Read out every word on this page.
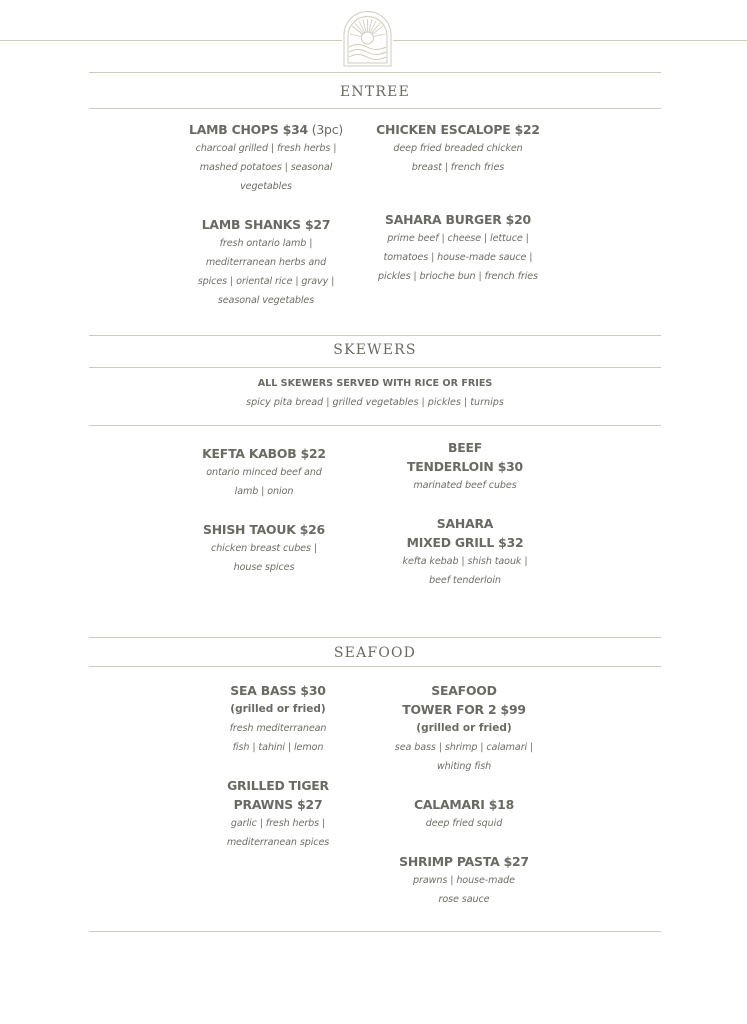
ENTREE
LAMB CHOPS $34 (3pc)
charcoal grilled | fresh herbs |
mashed potatoes | seasonal
vegetables
CHICKEN ESCALOPE $22
deep fried breaded chicken
breast | french fries
LAMB SHANKS $27
fresh ontario lamb |
mediterranean herbs and
spices | oriental rice | gravy |
seasonal vegetables
SAHARA BURGER $20
prime beef | cheese | lettuce |
tomatoes | house-made sauce |
pickles | brioche bun | french fries
SKEWERS
ALL SKEWERS SERVED WITH RICE OR FRIES
spicy pita bread | grilled vegetables | pickles | turnips
KEFTA KABOB $22
ontario minced beef and
lamb | onion
BEEF
TENDERLOIN $30
marinated beef cubes
SHISH TAOUK $26
chicken breast cubes |
house spices
SAHARA
MIXED GRILL $32
kefta kebab | shish taouk |
beef tenderloin
SEAFOOD
SEA BASS $30
(grilled or fried)
fresh mediterranean
fish | tahini | lemon
SEAFOOD
TOWER FOR 2 $99
(grilled or fried)
sea bass | shrimp | calamari |
whiting fish
GRILLED TIGER
PRAWNS $27
garlic | fresh herbs |
mediterranean spices
CALAMARI $18
deep fried squid
SHRIMP PASTA $27
prawns | house-made
rose sauce
